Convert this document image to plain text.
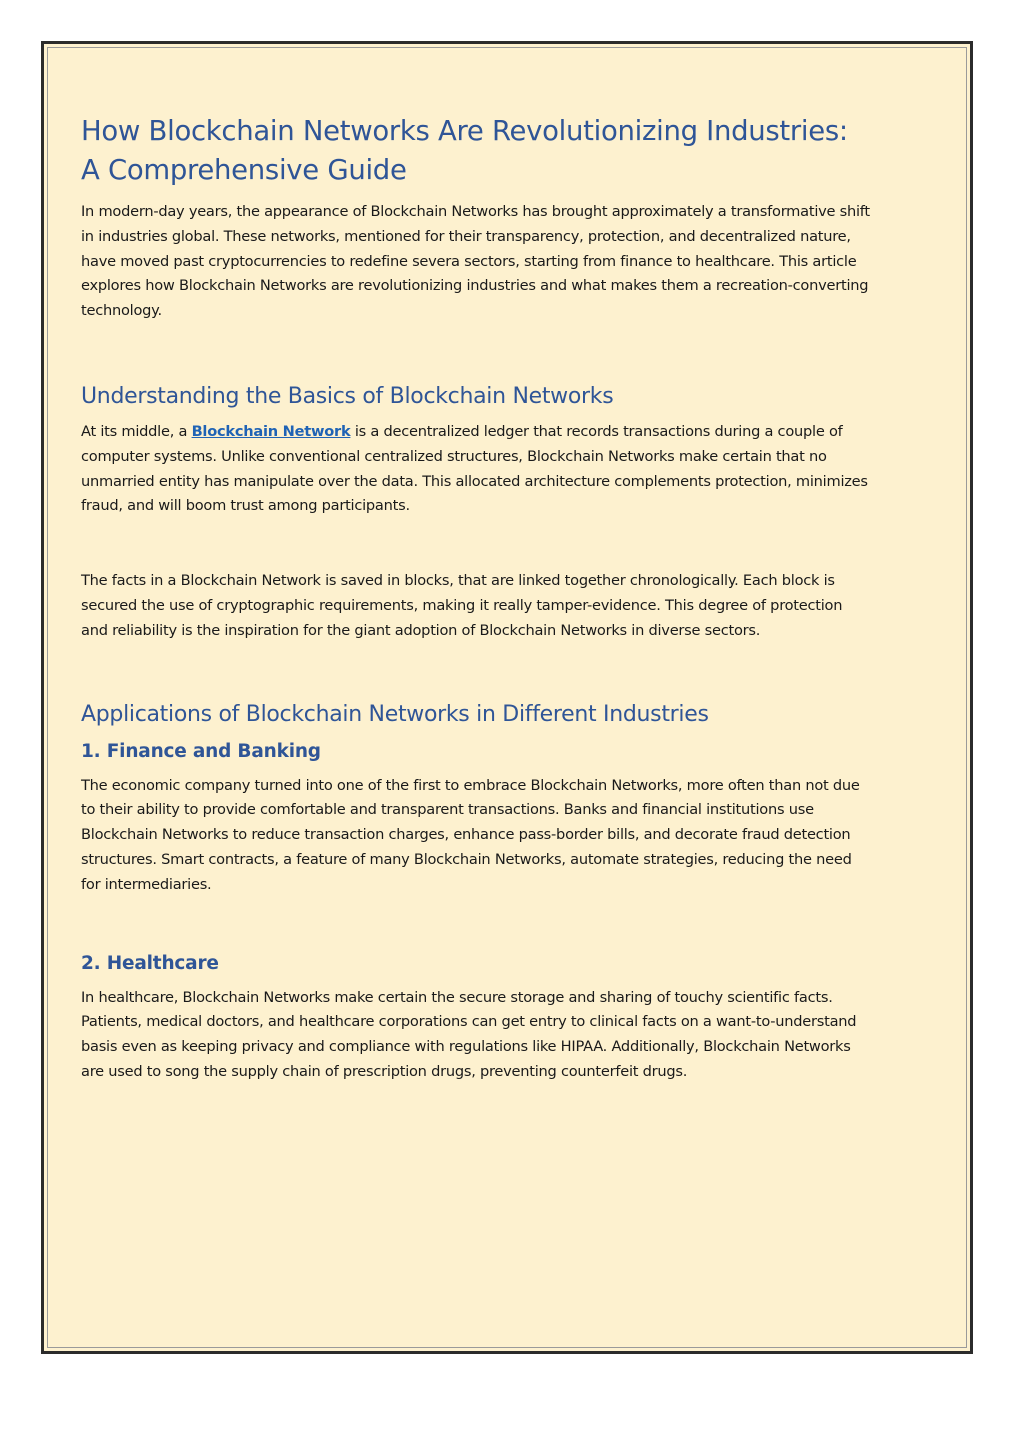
How Blockchain Networks Are Revolutionizing Industries: A Comprehensive Guide

In modern-day years, the appearance of Blockchain Networks has brought approximately a transformative shift in industries global. These networks, mentioned for their transparency, protection, and decentralized nature, have moved past cryptocurrencies to redefine severa sectors, starting from finance to healthcare. This article explores how Blockchain Networks are revolutionizing industries and what makes them a recreation-converting technology.

Understanding the Basics of Blockchain Networks

At its middle, a Blockchain Network is a decentralized ledger that records transactions during a couple of computer systems. Unlike conventional centralized structures, Blockchain Networks make certain that no unmarried entity has manipulate over the data. This allocated architecture complements protection, minimizes fraud, and will boom trust among participants.

The facts in a Blockchain Network is saved in blocks, that are linked together chronologically. Each block is secured the use of cryptographic requirements, making it really tamper-evidence. This degree of protection and reliability is the inspiration for the giant adoption of Blockchain Networks in diverse sectors.

Applications of Blockchain Networks in Different Industries
1. Finance and Banking

The economic company turned into one of the first to embrace Blockchain Networks, more often than not due to their ability to provide comfortable and transparent transactions. Banks and financial institutions use Blockchain Networks to reduce transaction charges, enhance pass-border bills, and decorate fraud detection structures. Smart contracts, a feature of many Blockchain Networks, automate strategies, reducing the need for intermediaries.

2. Healthcare

In healthcare, Blockchain Networks make certain the secure storage and sharing of touchy scientific facts. Patients, medical doctors, and healthcare corporations can get entry to clinical facts on a want-to-understand basis even as keeping privacy and compliance with regulations like HIPAA. Additionally, Blockchain Networks are used to song the supply chain of prescription drugs, preventing counterfeit drugs.
